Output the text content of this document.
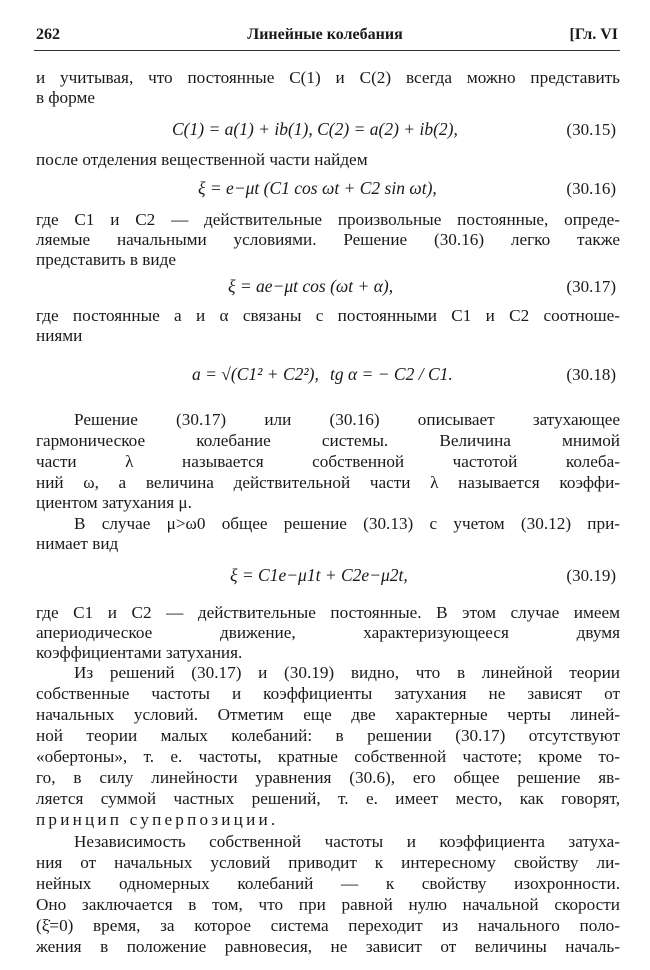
262	Линейные колебания	[Гл. VI
и учитывая, что постоянные C(1) и C(2) всегда можно представить
в форме
C(1) = a(1) + ib(1), C(2) = a(2) + ib(2),	(30.15)
после отделения вещественной части найдем
ξ = e−μt (C1 cos ωt + C2 sin ωt),	(30.16)
где C1 и C2 — действительные произвольные постоянные, опреде-
ляемые начальными условиями. Решение (30.16) легко также
представить в виде
ξ = ae−μt cos (ωt + α),	(30.17)
где постоянные a и α связаны с постоянными C1 и C2 соотноше-
ниями
a = √(C1² + C2²), tg α = − C2 / C1.	(30.18)
Решение (30.17) или (30.16) описывает затухающее
гармоническое колебание системы. Величина мнимой
части λ называется собственной частотой колеба-
ний ω, а величина действительной части λ называется коэффи-
циентом затухания μ.
В случае μ>ω0 общее решение (30.13) с учетом (30.12) при-
нимает вид
ξ = C1e−μ1t + C2e−μ2t,	(30.19)
где C1 и C2 — действительные постоянные. В этом случае имеем
апериодическое движение, характеризующееся двумя
коэффициентами затухания.
Из решений (30.17) и (30.19) видно, что в линейной теории
собственные частоты и коэффициенты затухания не зависят от
начальных условий. Отметим еще две характерные черты линей-
ной теории малых колебаний: в решении (30.17) отсутствуют
«обертоны», т. е. частоты, кратные собственной частоте; кроме то-
го, в силу линейности уравнения (30.6), его общее решение яв-
ляется суммой частных решений, т. е. имеет место, как говорят,
принцип суперпозиции.
Независимость собственной частоты и коэффициента затуха-
ния от начальных условий приводит к интересному свойству ли-
нейных одномерных колебаний — к свойству изохронности.
Оно заключается в том, что при равной нулю начальной скорости
(ξ̇=0) время, за которое система переходит из начального поло-
жения в положение равновесия, не зависит от величины началь-
